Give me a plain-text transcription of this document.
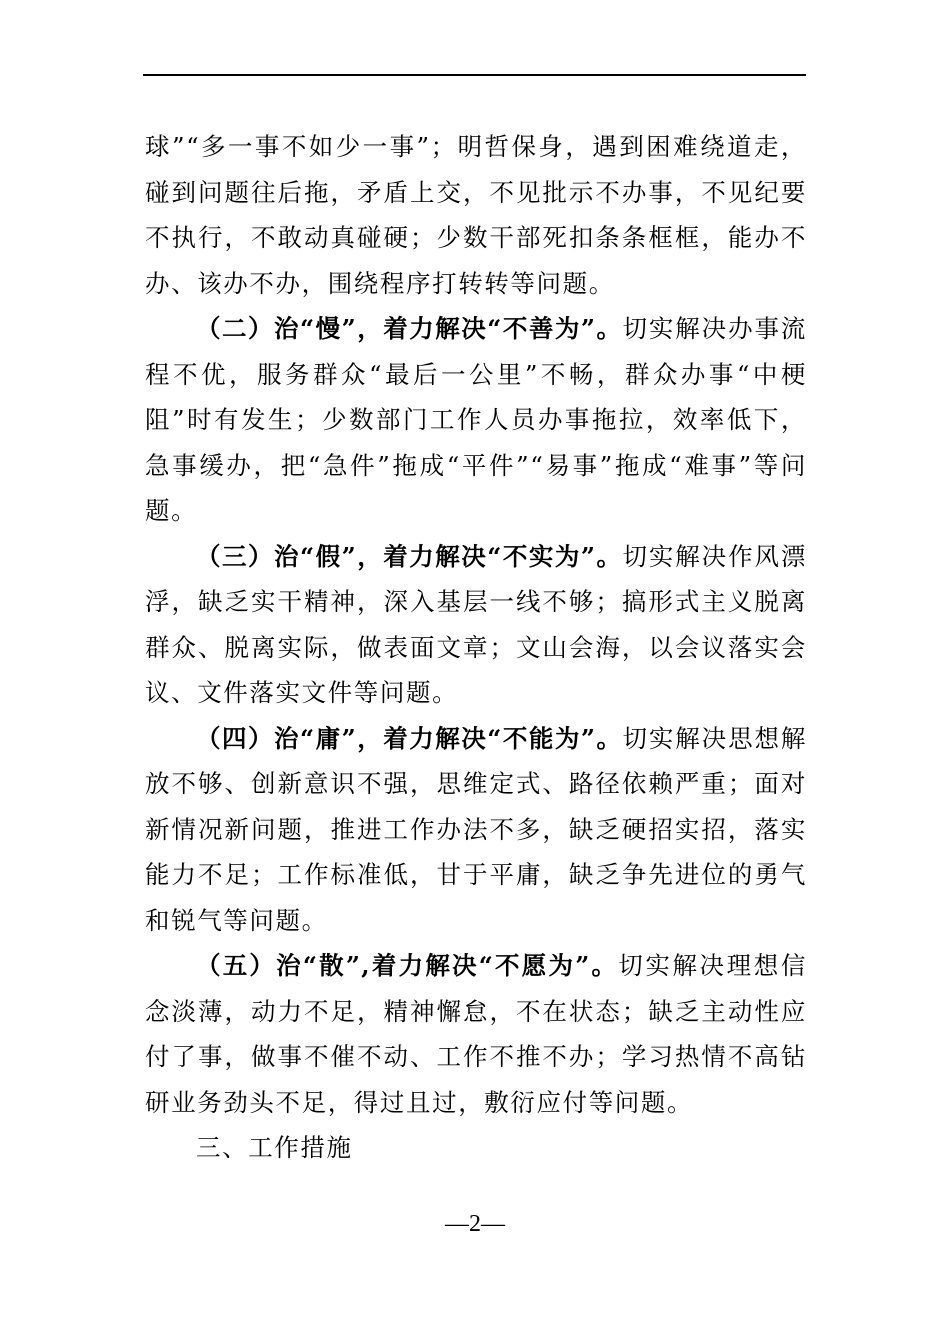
球”“多一事不如少一事”；明哲保身，遇到困难绕道走，碰到问题往后拖，矛盾上交，不见批示不办事，不见纪要不执行，不敢动真碰硬；少数干部死扣条条框框，能办不办、该办不办，围绕程序打转转等问题。

（二）治“慢”，着力解决“不善为”。切实解决办事流程不优，服务群众“最后一公里”不畅，群众办事“中梗阻”时有发生；少数部门工作人员办事拖拉，效率低下，急事缓办，把“急件”拖成“平件”“易事”拖成“难事”等问题。

（三）治“假”，着力解决“不实为”。切实解决作风漂浮，缺乏实干精神，深入基层一线不够；搞形式主义脱离群众、脱离实际，做表面文章；文山会海，以会议落实会议、文件落实文件等问题。

（四）治“庸”，着力解决“不能为”。切实解决思想解放不够、创新意识不强，思维定式、路径依赖严重；面对新情况新问题，推进工作办法不多，缺乏硬招实招，落实能力不足；工作标准低，甘于平庸，缺乏争先进位的勇气和锐气等问题。

（五）治“散”,着力解决“不愿为”。切实解决理想信念淡薄，动力不足，精神懈怠，不在状态；缺乏主动性应付了事，做事不催不动、工作不推不办；学习热情不高钻研业务劲头不足，得过且过，敷衍应付等问题。

三、工作措施

—2—
